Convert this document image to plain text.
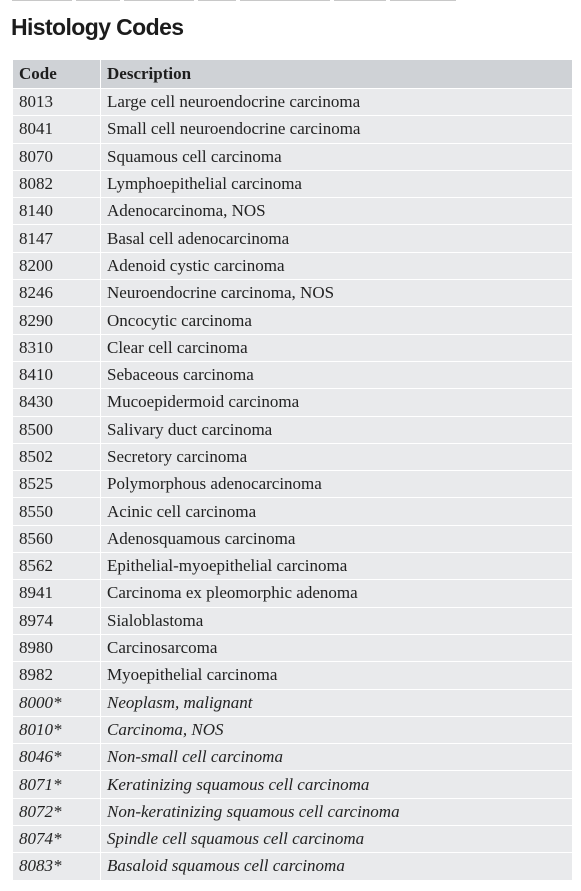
Histology Codes
Code	Description
8013	Large cell neuroendocrine carcinoma
8041	Small cell neuroendocrine carcinoma
8070	Squamous cell carcinoma
8082	Lymphoepithelial carcinoma
8140	Adenocarcinoma, NOS
8147	Basal cell adenocarcinoma
8200	Adenoid cystic carcinoma
8246	Neuroendocrine carcinoma, NOS
8290	Oncocytic carcinoma
8310	Clear cell carcinoma
8410	Sebaceous carcinoma
8430	Mucoepidermoid carcinoma
8500	Salivary duct carcinoma
8502	Secretory carcinoma
8525	Polymorphous adenocarcinoma
8550	Acinic cell carcinoma
8560	Adenosquamous carcinoma
8562	Epithelial-myoepithelial carcinoma
8941	Carcinoma ex pleomorphic adenoma
8974	Sialoblastoma
8980	Carcinosarcoma
8982	Myoepithelial carcinoma
8000*	Neoplasm, malignant
8010*	Carcinoma, NOS
8046*	Non-small cell carcinoma
8071*	Keratinizing squamous cell carcinoma
8072*	Non-keratinizing squamous cell carcinoma
8074*	Spindle cell squamous cell carcinoma
8083*	Basaloid squamous cell carcinoma
